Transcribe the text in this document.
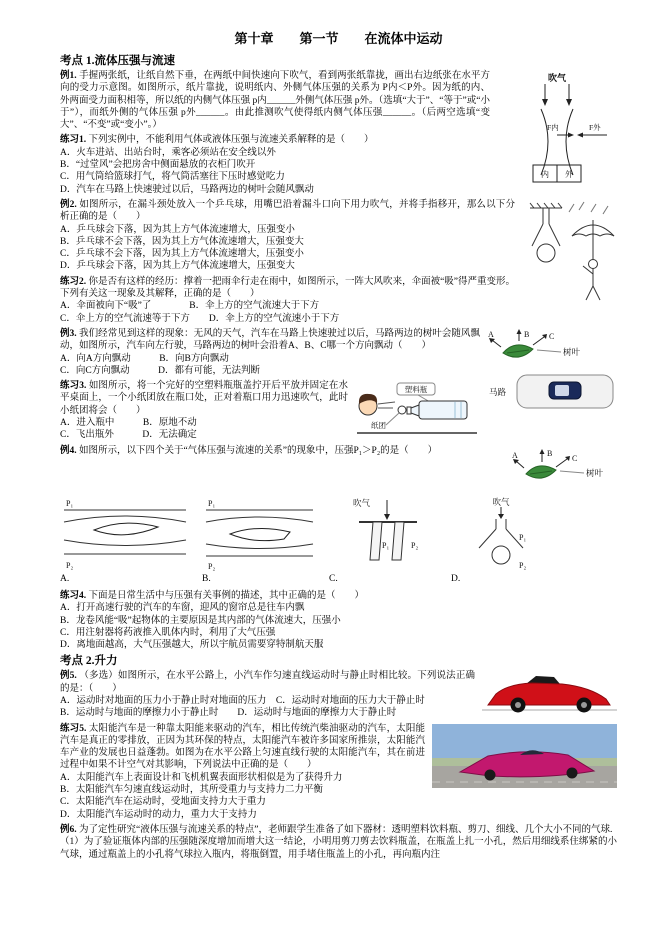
第十章　　第一节　　在流体中运动
考点 1.流体压强与流速
吹气
F内	F外
内 外

例1. 手握两张纸，让纸自然下垂，在两纸中间快速向下吹气，看到两张纸靠拢，画出右边纸张在水平方向的受力示意图。如图所示，纸片靠拢，说明纸内、外侧气体压强的关系为 P内＜P外。因为纸的内、外两面受力面积相等，所以纸的内侧气体压强 p内______外侧气体压强 p外。（选填“大于”、“等于”或“小于”），而纸外侧的气体压强 p外______。由此推测吹气使得纸内侧气体压强______。（后两空选填“变大”、“不变”或“变小”。）

练习1. 下列实例中，不能利用气体或液体压强与流速关系解释的是（　　）

A．火车进站、出站台时，乘客必须站在安全线以外
B．“过堂风”会把房舍中侧面悬放的衣柜门吹开
C．用气筒给篮球打气，将气筒活塞往下压时感觉吃力
D．汽车在马路上快速驶过以后，马路两边的树叶会随风飘动

例2. 如图所示，在漏斗颈处放入一个乒乓球，用嘴巴沿着漏斗口向下用力吹气，并将手指移开，那么以下分析正确的是（　　）

A．乒乓球会下落，因为其上方气体流速增大，压强变小
B．乒乓球不会下落，因为其上方气体流速增大，压强变大
C．乒乓球不会下落，因为其上方气体流速增大，压强变小
D．乒乓球会下落，因为其上方气体流速增大，压强变大

练习2. 你是否有这样的经历：撑着一把雨伞行走在雨中，如图所示，一阵大风吹来，伞面被“吸”得严重变形。下列有关这一现象及其解释，正确的是（　　）

A．伞面被向下“吸”了　　　　B．伞上方的空气流速大于下方
C．伞上方的空气流速等于下方　　D．伞上方的空气流速小于下方
B C
A
树叶
马路

例3. 我们经常见到这样的现象：无风的天气，汽车在马路上快速驶过以后，马路两边的树叶会随风飘动，如图所示，汽车向左行驶，马路两边的树叶会沿着A、B、C哪一个方向飘动（　　）

A．向A方向飘动　　　B．向B方向飘动
C．向C方向飘动　　　D．都有可能，无法判断
塑料瓶
纸团

练习3. 如图所示，将一个完好的空塑料瓶瓶盖拧开后平放并固定在水平桌面上，一个小纸团放在瓶口处，正对着瓶口用力迅速吹气，此时小纸团将会（　　）

A．进入瓶中　　　B．原地不动
C．飞出瓶外　　　D．无法确定
B
C
A
树叶

例4. 如图所示，以下四个关于“气体压强与流速的关系”的现象中，压强P₁＞P₂的是（　　）

P₁
P₂
A.
P₁
P₂
B.
吹气
P₁	P₂
C.
吹气
P₁
P₂
D.

练习4. 下面是日常生活中与压强有关事例的描述，其中正确的是（　　）

A．打开高速行驶的汽车的车窗，迎风的窗帘总是往车内飘
B．龙卷风能“吸”起物体的主要原因是其内部的气体流速大，压强小
C．用注射器将药液推入肌体内时，利用了大气压强
D．离地面越高，大气压强越大，所以宇航员需要穿特制航天服
考点 2.升力

例5. （多选）如图所示，在水平公路上，小汽车作匀速直线运动时与静止时相比较。下列说法正确的是：（　　）

A．运动时对地面的压力小于静止时对地面的压力　C．运动时对地面的压力大于静止时
B．运动时与地面的摩擦力小于静止时　　D．运动时与地面的摩擦力大于静止时

练习5. 太阳能汽车是一种靠太阳能来驱动的汽车，相比传统汽柴油驱动的汽车，太阳能汽车是真正的零排放，正因为其环保的特点，太阳能汽车被许多国家所推崇，太阳能汽车产业的发展也日益蓬勃。如图为在水平公路上匀速直线行驶的太阳能汽车，其在前进过程中如果不计空气对其影响，下列说法中正确的是（　　）

A．太阳能汽车上表面设计和飞机机翼表面形状相似是为了获得升力
B．太阳能汽车匀速直线运动时，其所受重力与支持力二力平衡
C．太阳能汽车在运动时，受地面支持力大于重力
D．太阳能汽车运动时的动力，重力大于支持力

例6. 为了定性研究“液体压强与流速关系的特点”，老师跟学生准备了如下器材：透明塑料饮料瓶、剪刀、细线、几个大小不同的气球.

（1）为了验证瓶体内部的压强随深度增加而增大这一结论，小明用剪刀剪去饮料瓶盖，在瓶盖上扎一小孔，然后用细线系住绑紧的小气球，通过瓶盖上的小孔将气球拉入瓶内，将瓶倒置，用手堵住瓶盖上的小孔，再向瓶内注
